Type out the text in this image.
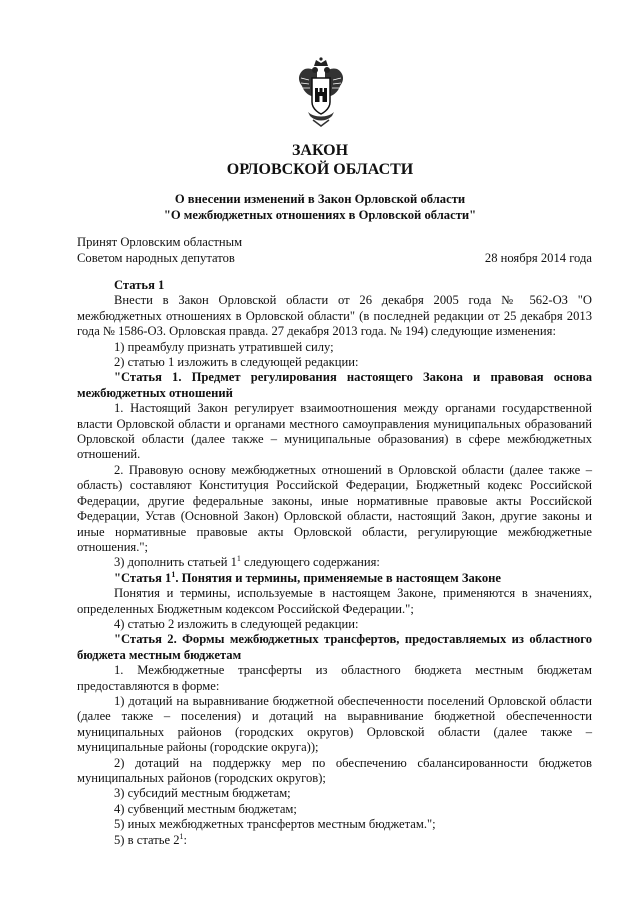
ЗАКОН
ОРЛОВСКОЙ ОБЛАСТИ
О внесении изменений в Закон Орловской области
"О межбюджетных отношениях в Орловской области"
Принят Орловским областным
Советом народных депутатов	28 ноября 2014 года

Статья 1

Внести в Закон Орловской области от 26 декабря 2005 года № 562-ОЗ "О межбюджетных отношениях в Орловской области" (в последней редакции от 25 декабря 2013 года № 1586-ОЗ. Орловская правда. 27 декабря 2013 года. № 194) следующие изменения:

1) преамбулу признать утратившей силу;

2) статью 1 изложить в следующей редакции:

"Статья 1. Предмет регулирования настоящего Закона и правовая основа межбюджетных отношений

1. Настоящий Закон регулирует взаимоотношения между органами государственной власти Орловской области и органами местного самоуправления муниципальных образований Орловской области (далее также – муниципальные образования) в сфере межбюджетных отношений.

2. Правовую основу межбюджетных отношений в Орловской области (далее также – область) составляют Конституция Российской Федерации, Бюджетный кодекс Российской Федерации, другие федеральные законы, иные нормативные правовые акты Российской Федерации, Устав (Основной Закон) Орловской области, настоящий Закон, другие законы и иные нормативные правовые акты Орловской области, регулирующие межбюджетные отношения.";

3) дополнить статьей $1^1$ следующего содержания:

"Статья $1^1$. Понятия и термины, применяемые в настоящем Законе

Понятия и термины, используемые в настоящем Законе, применяются в значениях, определенных Бюджетным кодексом Российской Федерации.";

4) статью 2 изложить в следующей редакции:

"Статья 2. Формы межбюджетных трансфертов, предоставляемых из областного бюджета местным бюджетам

1. Межбюджетные трансферты из областного бюджета местным бюджетам предоставляются в форме:

1) дотаций на выравнивание бюджетной обеспеченности поселений Орловской области (далее также – поселения) и дотаций на выравнивание бюджетной обеспеченности муниципальных районов (городских округов) Орловской области (далее также – муниципальные районы (городские округа));

2) дотаций на поддержку мер по обеспечению сбалансированности бюджетов муниципальных районов (городских округов);

3) субсидий местным бюджетам;

4) субвенций местным бюджетам;

5) иных межбюджетных трансфертов местным бюджетам.";

5) в статье $2^1$:
